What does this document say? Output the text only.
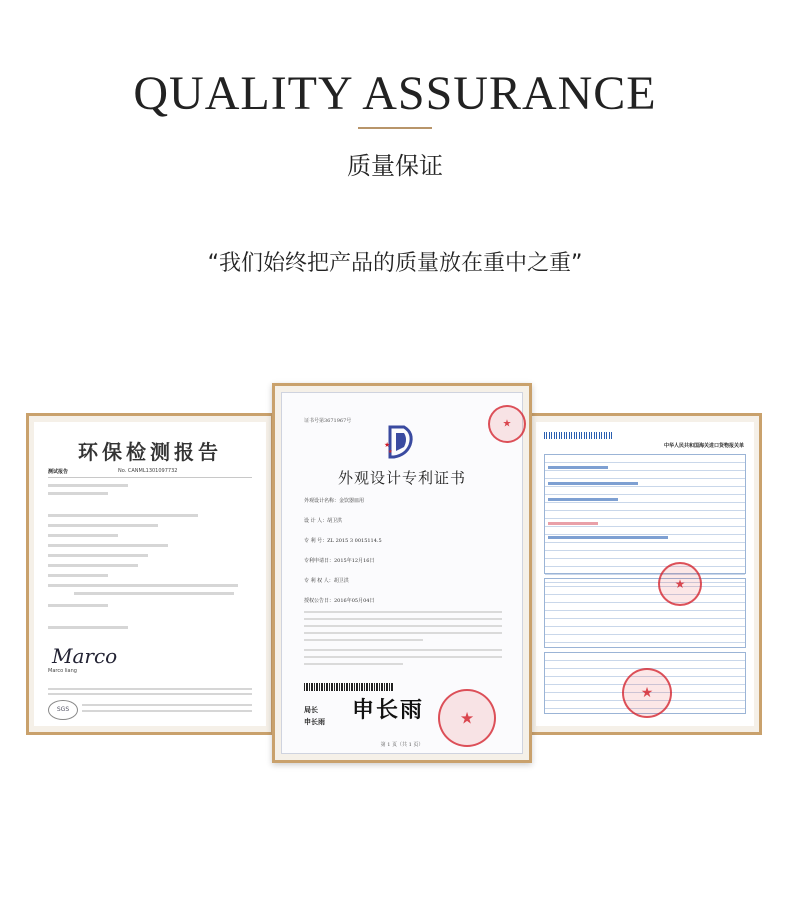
QUALITY ASSURANCE
质量保证
“我们始终把产品的质量放在重中之重”
环保检测报告
测试报告	No. CANML1301097732
Marco
Marco liang
SGS
中华人民共和国海关进口货物报关单
★
★
证书号第3671967号
★
★
★
外观设计专利证书
外观设计名称：金饮器皿用
设 计 人：胡卫洪
专 利 号：ZL 2015 3 0015114.5
专利申请日：2015年12月16日
专 利 权 人：胡卫洪
授权公告日：2016年05月04日
局长
申长雨 申长雨 ★
第 1 页（共 1 页）
